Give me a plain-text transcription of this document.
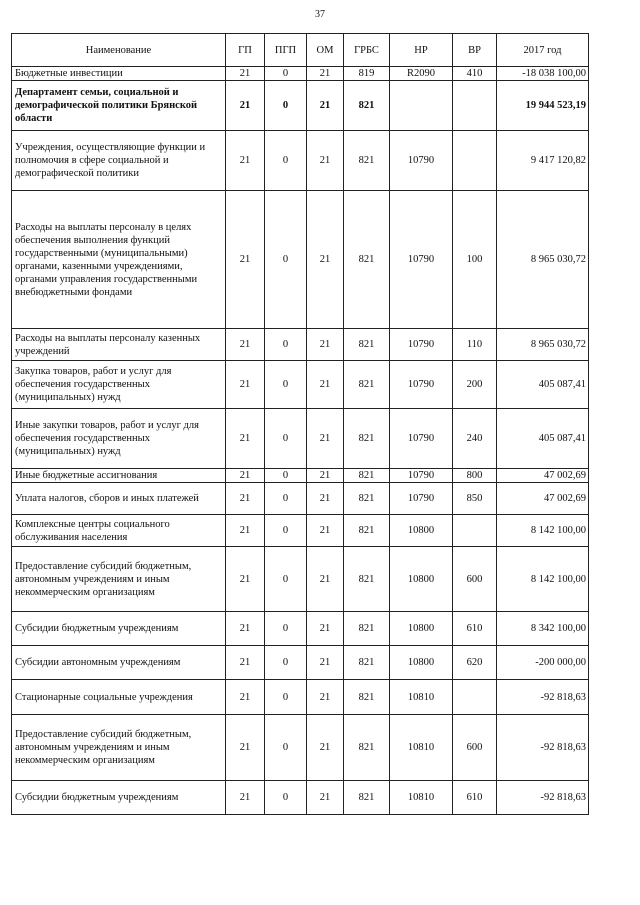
37
Наименование	ГП	ПГП	ОМ	ГРБС	НР	ВР	2017 год
Бюджетные инвестиции	21	0	21	819	R2090	410	-18 038 100,00
Департамент семьи, социальной и демографической политики Брянской области	21	0	21	821			19 944 523,19
Учреждения, осуществляющие функции и полномочия в сфере социальной и демографической политики	21	0	21	821	10790		9 417 120,82
Расходы на выплаты персоналу в целях обеспечения выполнения функций государственными (муниципальными) органами, казенными учреждениями, органами управления государственными внебюджетными фондами	21	0	21	821	10790	100	8 965 030,72
Расходы на выплаты персоналу казенных учреждений	21	0	21	821	10790	110	8 965 030,72
Закупка товаров, работ и услуг для обеспечения государственных (муниципальных) нужд	21	0	21	821	10790	200	405 087,41
Иные закупки товаров, работ и услуг для обеспечения государственных (муниципальных) нужд	21	0	21	821	10790	240	405 087,41
Иные бюджетные ассигнования	21	0	21	821	10790	800	47 002,69
Уплата налогов, сборов и иных платежей	21	0	21	821	10790	850	47 002,69
Комплексные центры социального обслуживания населения	21	0	21	821	10800		8 142 100,00
Предоставление субсидий бюджетным, автономным учреждениям и иным некоммерческим организациям	21	0	21	821	10800	600	8 142 100,00
Субсидии бюджетным учреждениям	21	0	21	821	10800	610	8 342 100,00
Субсидии автономным учреждениям	21	0	21	821	10800	620	-200 000,00
Стационарные социальные учреждения	21	0	21	821	10810		-92 818,63
Предоставление субсидий бюджетным, автономным учреждениям и иным некоммерческим организациям	21	0	21	821	10810	600	-92 818,63
Субсидии бюджетным учреждениям	21	0	21	821	10810	610	-92 818,63
